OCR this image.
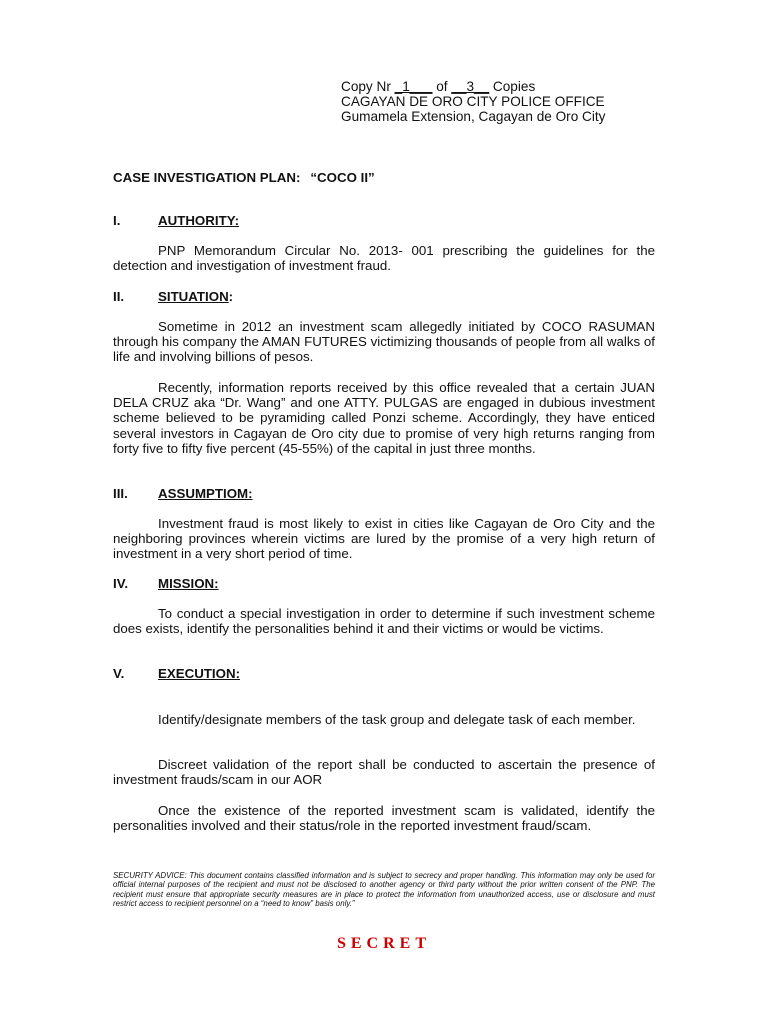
Copy Nr _1___ of __3__ Copies
CAGAYAN DE ORO CITY POLICE OFFICE
Gumamela Extension, Cagayan de Oro City
CASE INVESTIGATION PLAN: “COCO II”
I.	AUTHORITY:
PNP Memorandum Circular No. 2013- 001 prescribing the guidelines for the detection and investigation of investment fraud.
II.	SITUATION:
Sometime in 2012 an investment scam allegedly initiated by COCO RASUMAN through his company the AMAN FUTURES victimizing thousands of people from all walks of life and involving billions of pesos.
Recently, information reports received by this office revealed that a certain JUAN DELA CRUZ aka “Dr. Wang” and one ATTY. PULGAS are engaged in dubious investment scheme believed to be pyramiding called Ponzi scheme. Accordingly, they have enticed several investors in Cagayan de Oro city due to promise of very high returns ranging from forty five to fifty five percent (45-55%) of the capital in just three months.
III. ASSUMPTIOM:
Investment fraud is most likely to exist in cities like Cagayan de Oro City and the neighboring provinces wherein victims are lured by the promise of a very high return of investment in a very short period of time.
IV. MISSION:
To conduct a special investigation in order to determine if such investment scheme does exists, identify the personalities behind it and their victims or would be victims.
V.	EXECUTION:
Identify/designate members of the task group and delegate task of each member.
Discreet validation of the report shall be conducted to ascertain the presence of investment frauds/scam in our AOR
Once the existence of the reported investment scam is validated, identify the personalities involved and their status/role in the reported investment fraud/scam.
SECURITY ADVICE: This document contains classified information and is subject to secrecy and proper handling. This information may only be used for official internal purposes of the recipient and must not be disclosed to another agency or third party without the prior written consent of the PNP. The recipient must ensure that appropriate security measures are in place to protect the information from unauthorized access, use or disclosure and must restrict access to recipient personnel on a “need to know” basis only.”
SECRET
